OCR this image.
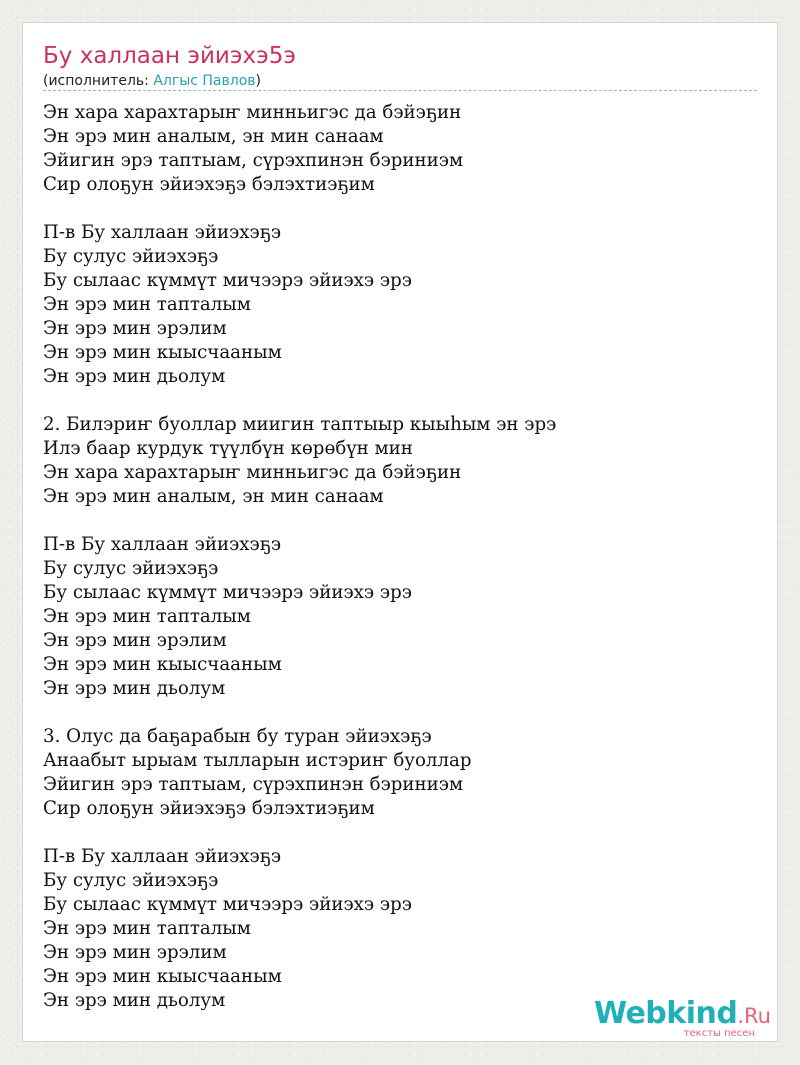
Бу халлаан эйиэхэ5э
(исполнитель: Алгыс Павлов)
Эн хара харахтарыҥ минньигэс да бэйэҕин
Эн эрэ мин аналым, эн мин санаам
Эйигин эрэ таптыам, сүрэхпинэн бэриниэм
Сир олоҕун эйиэхэҕэ бэлэхтиэҕим
П-в Бу халлаан эйиэхэҕэ
Бу сулус эйиэхэҕэ
Бу сылаас күммүт мичээрэ эйиэхэ эрэ
Эн эрэ мин тапталым
Эн эрэ мин эрэлим
Эн эрэ мин кыысчааным
Эн эрэ мин дьолум
2. Билэриҥ буоллар миигин таптыыр кыыһым эн эрэ
Илэ баар курдук түүлбүн көрөбүн мин
Эн хара харахтарыҥ минньигэс да бэйэҕин
Эн эрэ мин аналым, эн мин санаам
П-в Бу халлаан эйиэхэҕэ
Бу сулус эйиэхэҕэ
Бу сылаас күммүт мичээрэ эйиэхэ эрэ
Эн эрэ мин тапталым
Эн эрэ мин эрэлим
Эн эрэ мин кыысчааным
Эн эрэ мин дьолум
3. Олус да баҕарабын бу туран эйиэхэҕэ
Анаабыт ырыам тылларын истэриҥ буоллар
Эйигин эрэ таптыам, сүрэхпинэн бэриниэм
Сир олоҕун эйиэхэҕэ бэлэхтиэҕим
П-в Бу халлаан эйиэхэҕэ
Бу сулус эйиэхэҕэ
Бу сылаас күммүт мичээрэ эйиэхэ эрэ
Эн эрэ мин тапталым
Эн эрэ мин эрэлим
Эн эрэ мин кыысчааным
Эн эрэ мин дьолум	Webkind.Ru
тексты песен
